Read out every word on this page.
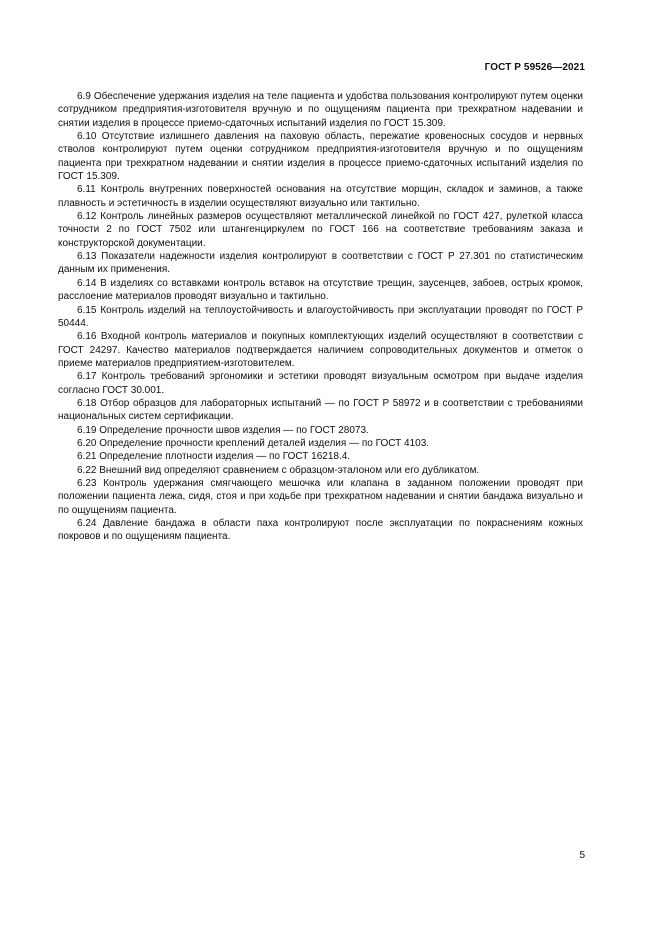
ГОСТ Р 59526—2021

6.9 Обеспечение удержания изделия на теле пациента и удобства пользования контролируют путем оценки сотрудником предприятия-изготовителя вручную и по ощущениям пациента при трехкратном надевании и снятии изделия в процессе приемо-сдаточных испытаний изделия по ГОСТ 15.309.

6.10 Отсутствие излишнего давления на паховую область, пережатие кровеносных сосудов и нервных стволов контролируют путем оценки сотрудником предприятия-изготовителя вручную и по ощущениям пациента при трехкратном надевании и снятии изделия в процессе приемо-сдаточных испытаний изделия по ГОСТ 15.309.

6.11 Контроль внутренних поверхностей основания на отсутствие морщин, складок и заминов, а также плавность и эстетичность в изделии осуществляют визуально или тактильно.

6.12 Контроль линейных размеров осуществляют металлической линейкой по ГОСТ 427, рулеткой класса точности 2 по ГОСТ 7502 или штангенциркулем по ГОСТ 166 на соответствие требованиям заказа и конструкторской документации.

6.13 Показатели надежности изделия контролируют в соответствии с ГОСТ Р 27.301 по статистическим данным их применения.

6.14 В изделиях со вставками контроль вставок на отсутствие трещин, заусенцев, забоев, острых кромок, расслоение материалов проводят визуально и тактильно.

6.15 Контроль изделий на теплоустойчивость и влагоустойчивость при эксплуатации проводят по ГОСТ Р 50444.

6.16 Входной контроль материалов и покупных комплектующих изделий осуществляют в соответствии с ГОСТ 24297. Качество материалов подтверждается наличием сопроводительных документов и отметок о приеме материалов предприятием-изготовителем.

6.17 Контроль требований эргономики и эстетики проводят визуальным осмотром при выдаче изделия согласно ГОСТ 30.001.

6.18 Отбор образцов для лабораторных испытаний — по ГОСТ Р 58972 и в соответствии с требованиями национальных систем сертификации.

6.19 Определение прочности швов изделия — по ГОСТ 28073.

6.20 Определение прочности креплений деталей изделия — по ГОСТ 4103.

6.21 Определение плотности изделия — по ГОСТ 16218.4.

6.22 Внешний вид определяют сравнением с образцом-эталоном или его дубликатом.

6.23 Контроль удержания смягчающего мешочка или клапана в заданном положении проводят при положении пациента лежа, сидя, стоя и при ходьбе при трехкратном надевании и снятии бандажа визуально и по ощущениям пациента.

6.24 Давление бандажа в области паха контролируют после эксплуатации по покраснениям кожных покровов и по ощущениям пациента.

5
